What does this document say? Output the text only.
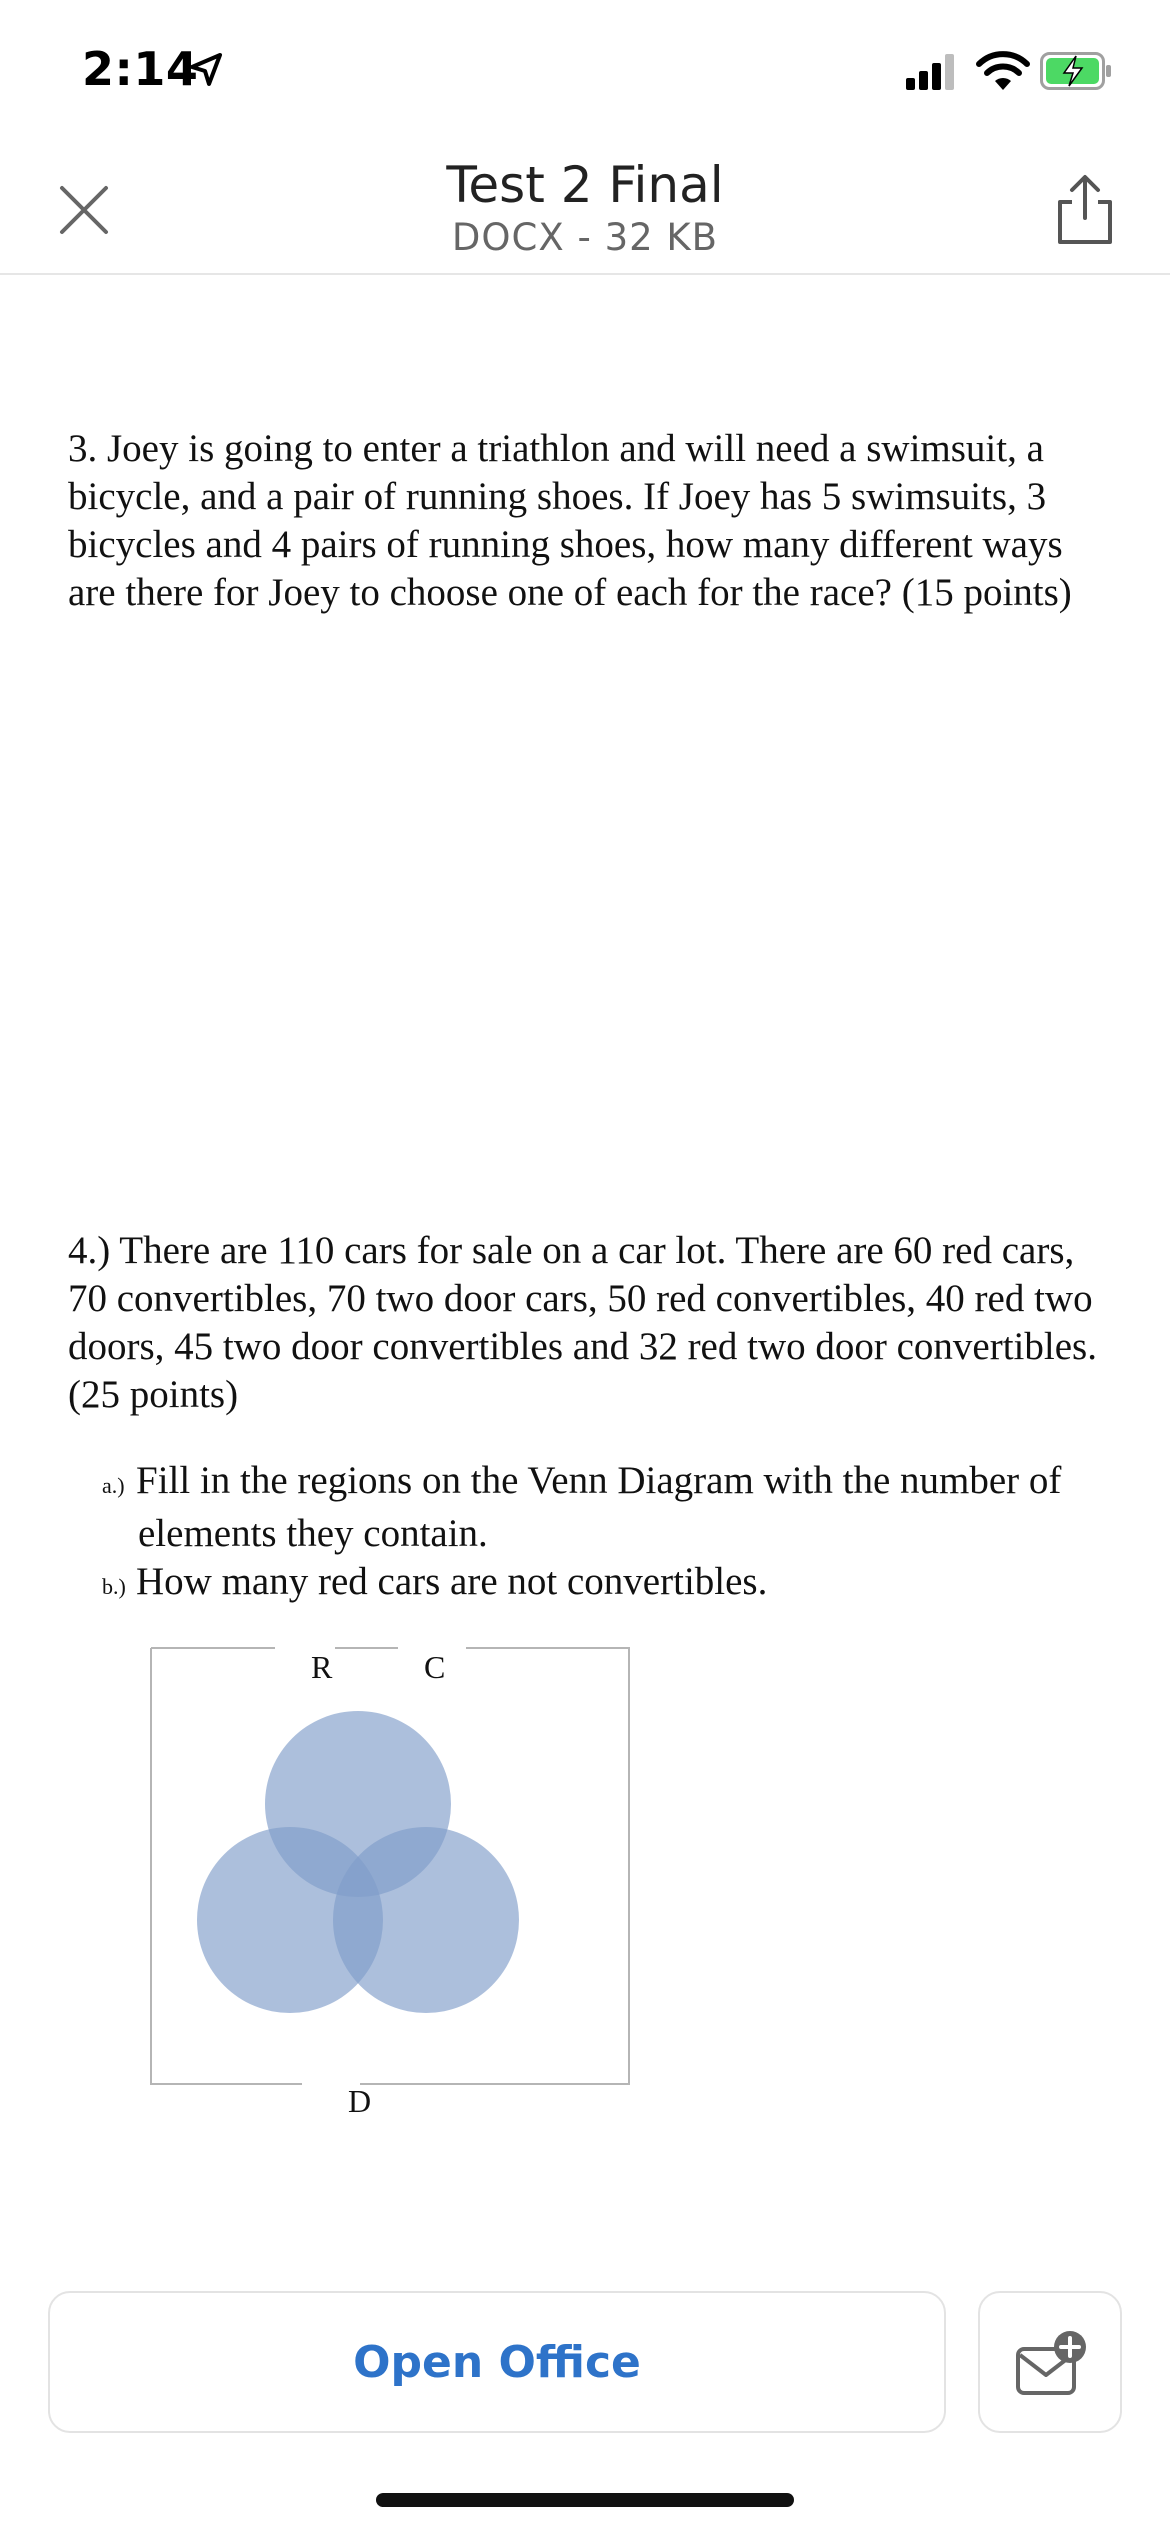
2:14
Test 2 Final
DOCX - 32 KB
3. Joey is going to enter a triathlon and will need a swimsuit, a bicycle, and a pair of running shoes. If Joey has 5 swimsuits, 3 bicycles and 4 pairs of running shoes, how many different ways are there for Joey to choose one of each for the race? (15 points)
4.) There are 110 cars for sale on a car lot. There are 60 red cars, 70 convertibles, 70 two door cars, 50 red convertibles, 40 red two doors, 45 two door convertibles and 32 red two door convertibles. (25 points)
a.) Fill in the regions on the Venn Diagram with the number of elements they contain.
b.) How many red cars are not convertibles.
R	C
D
Open Office
